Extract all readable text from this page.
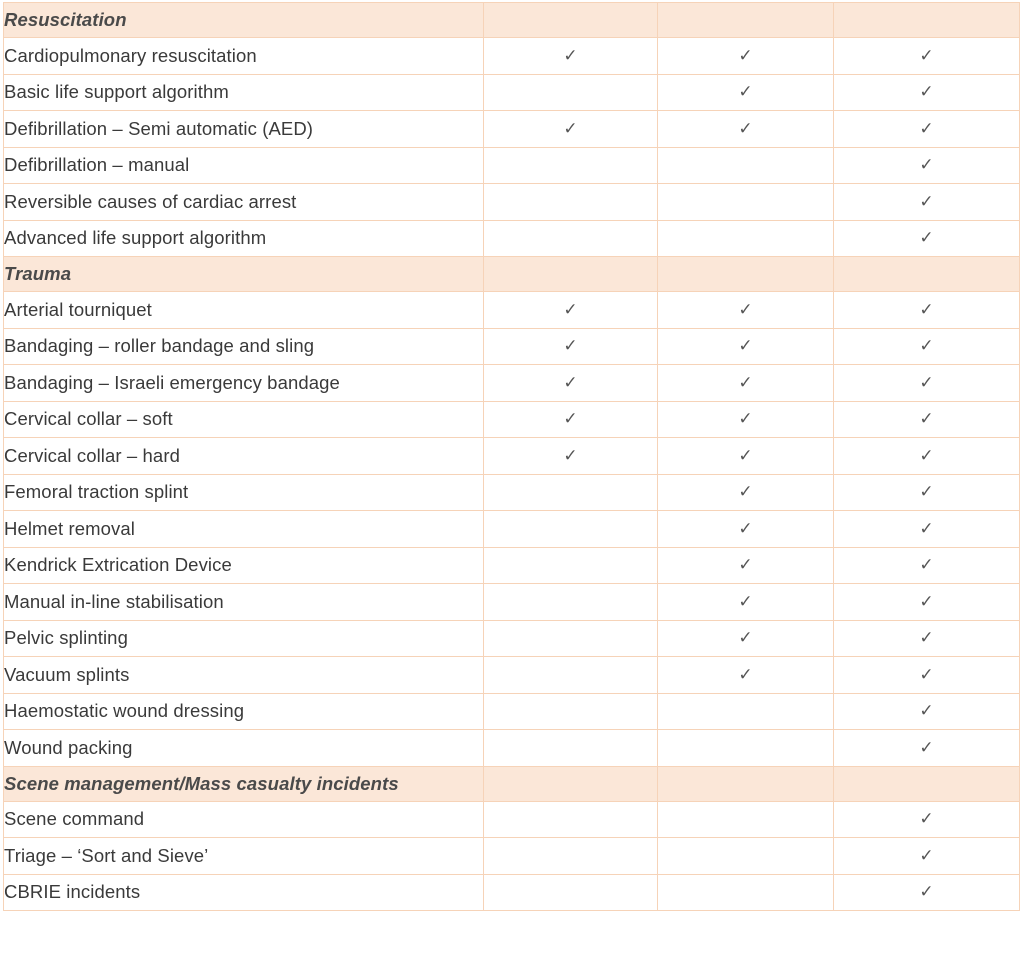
Resuscitation			
Cardiopulmonary resuscitation	✓	✓	✓
Basic life support algorithm		✓	✓
Defibrillation – Semi automatic (AED)	✓	✓	✓
Defibrillation – manual			✓
Reversible causes of cardiac arrest			✓
Advanced life support algorithm			✓
Trauma			
Arterial tourniquet	✓	✓	✓
Bandaging – roller bandage and sling	✓	✓	✓
Bandaging – Israeli emergency bandage	✓	✓	✓
Cervical collar – soft	✓	✓	✓
Cervical collar – hard	✓	✓	✓
Femoral traction splint		✓	✓
Helmet removal		✓	✓
Kendrick Extrication Device		✓	✓
Manual in-line stabilisation		✓	✓
Pelvic splinting		✓	✓
Vacuum splints		✓	✓
Haemostatic wound dressing			✓
Wound packing			✓
Scene management/Mass casualty incidents			
Scene command			✓
Triage – ‘Sort and Sieve’			✓
CBRIE incidents			✓
